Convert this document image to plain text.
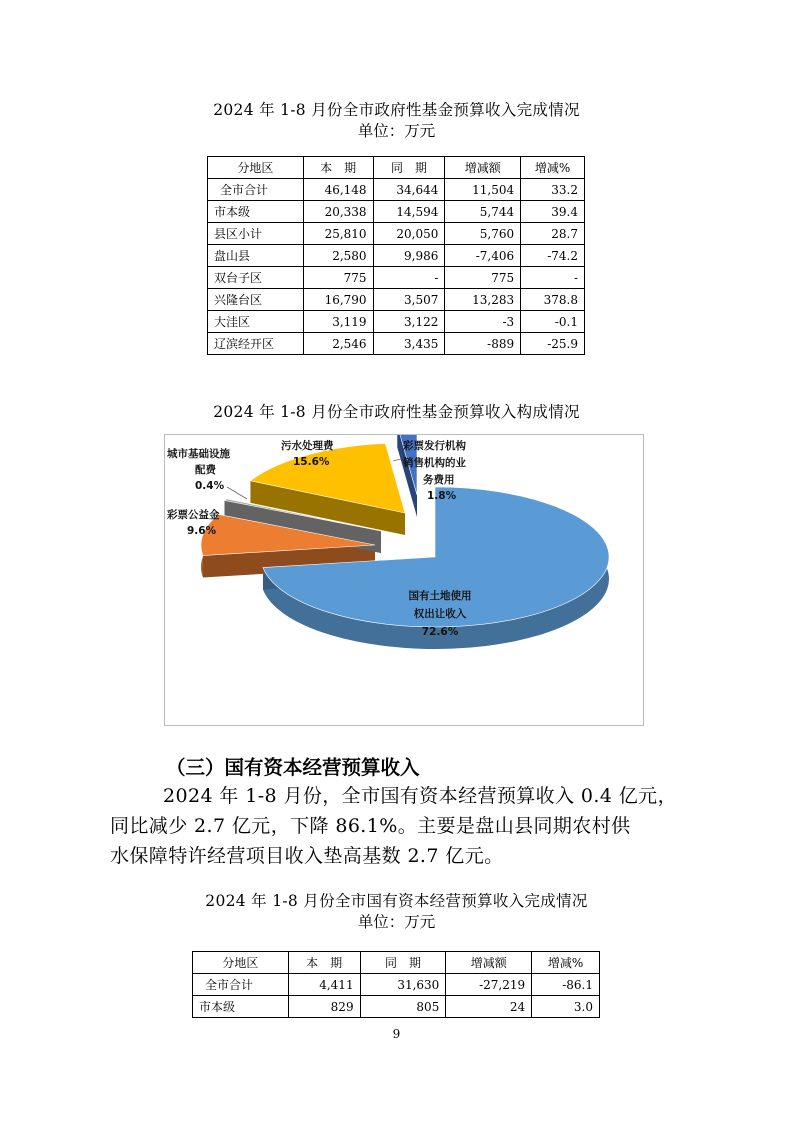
2024 年 1-8 月份全市政府性基金预算收入完成情况
单位：万元
分地区	本　期	同　期	增减额	增减%
全市合计	46,148	34,644	11,504	33.2
市本级	20,338	14,594	5,744	39.4
县区小计	25,810	20,050	5,760	28.7
盘山县	2,580	9,986	-7,406	-74.2
双台子区	775	-	775	-
兴隆台区	16,790	3,507	13,283	378.8
大洼区	3,119	3,122	-3	-0.1
辽滨经开区	2,546	3,435	-889	-25.9
2024 年 1-8 月份全市政府性基金预算收入构成情况
国有土地使用
权出让收入
72.6%
彩票公益金
9.6%
城市基础设施
配费
0.4%
污水处理费
15.6%
彩票发行机构
销售机构的业
务费用
1.8%
（三）国有资本经营预算收入
2024 年 1-8 月份，全市国有资本经营预算收入 0.4 亿元，
同比减少 2.7 亿元，下降 86.1%。主要是盘山县同期农村供
水保障特许经营项目收入垫高基数 2.7 亿元。
2024 年 1-8 月份全市国有资本经营预算收入完成情况
单位：万元
分地区	本　期	同　期	增减额	增减%
全市合计	4,411	31,630	-27,219	-86.1
市本级	829	805	24	3.0
9
